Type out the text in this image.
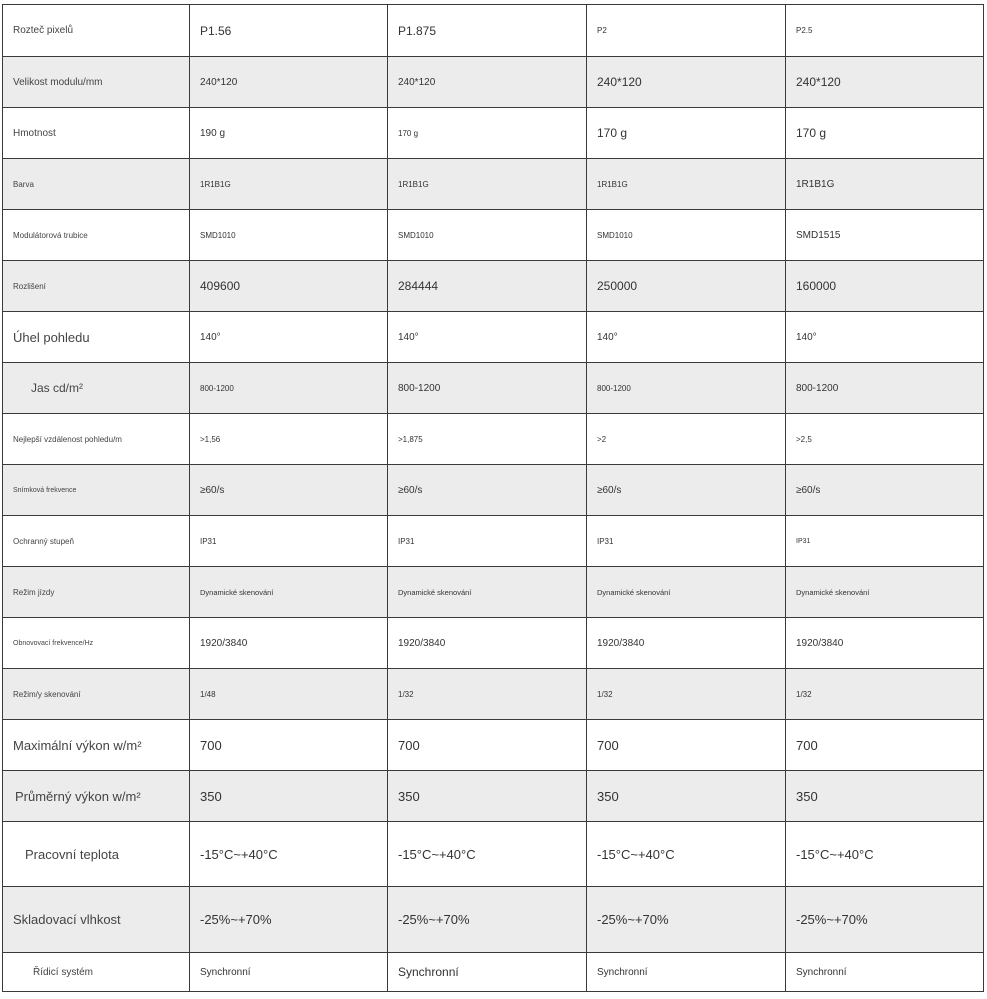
Rozteč pixelů	P1.56	P1.875	P2	P2.5
Velikost modulu/mm	240*120	240*120	240*120	240*120
Hmotnost	190 g	170 g	170 g	170 g
Barva	1R1B1G	1R1B1G	1R1B1G	1R1B1G
Modulátorová trubice	SMD1010	SMD1010	SMD1010	SMD1515
Rozlišení	409600	284444	250000	160000
Úhel pohledu	140°	140°	140°	140°
Jas cd/m²	800-1200	800-1200	800-1200	800-1200
Nejlepší vzdálenost pohledu/m	>1,56	>1,875	>2	>2,5
Snímková frekvence	≥60/s	≥60/s	≥60/s	≥60/s
Ochranný stupeň	IP31	IP31	IP31	IP31
Režim jízdy	Dynamické skenování	Dynamické skenování	Dynamické skenování	Dynamické skenování
Obnovovací frekvence/Hz	1920/3840	1920/3840	1920/3840	1920/3840
Režim/y skenování	1/48	1/32	1/32	1/32
Maximální výkon w/m²	700	700	700	700
Průměrný výkon w/m²	350	350	350	350
Pracovní teplota	-15°C~+40°C	-15°C~+40°C	-15°C~+40°C	-15°C~+40°C
Skladovací vlhkost	-25%~+70%	-25%~+70%	-25%~+70%	-25%~+70%
Řídicí systém	Synchronní	Synchronní	Synchronní	Synchronní
